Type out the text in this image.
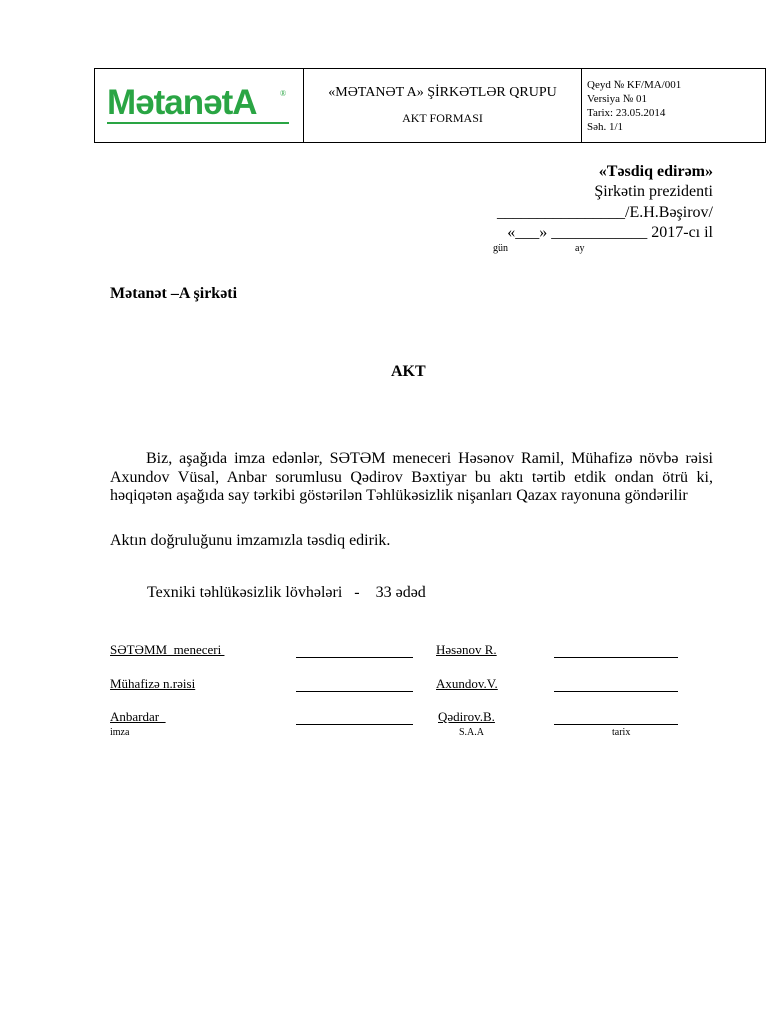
MətanətA	®	«MƏTANƏT A» ŞİRKƏTLƏR QRUPU
AKT FORMASI
Qeyd № KF/MA/001
Versiya № 01
Tarix: 23.05.2014
Səh. 1/1
«Təsdiq edirəm»
Şirkətin prezidenti
________________/E.H.Bəşirov/
«___» ____________ 2017-cı il
gün	ay
Mətanət –A şirkəti
AKT
Biz, aşağıda imza edənlər, SƏTƏM meneceri Həsənov Ramil, Mühafizə növbə rəisi Axundov Vüsal, Anbar sorumlusu Qədirov Bəxtiyar bu aktı tərtib etdik ondan ötrü ki, həqiqətən aşağıda say tərkibi göstərilən Təhlükəsizlik nişanları Qazax rayonuna göndərilir
Aktın doğruluğunu imzamızla təsdiq edirik.
Texniki təhlükəsizlik lövhələri   -    33 ədəd
SƏTƏMM  meneceri	Həsənov R.
Mühafizə n.rəisi	Axundov.V.
Anbardar	Qədirov.B.
imza	S.A.A	tarix
